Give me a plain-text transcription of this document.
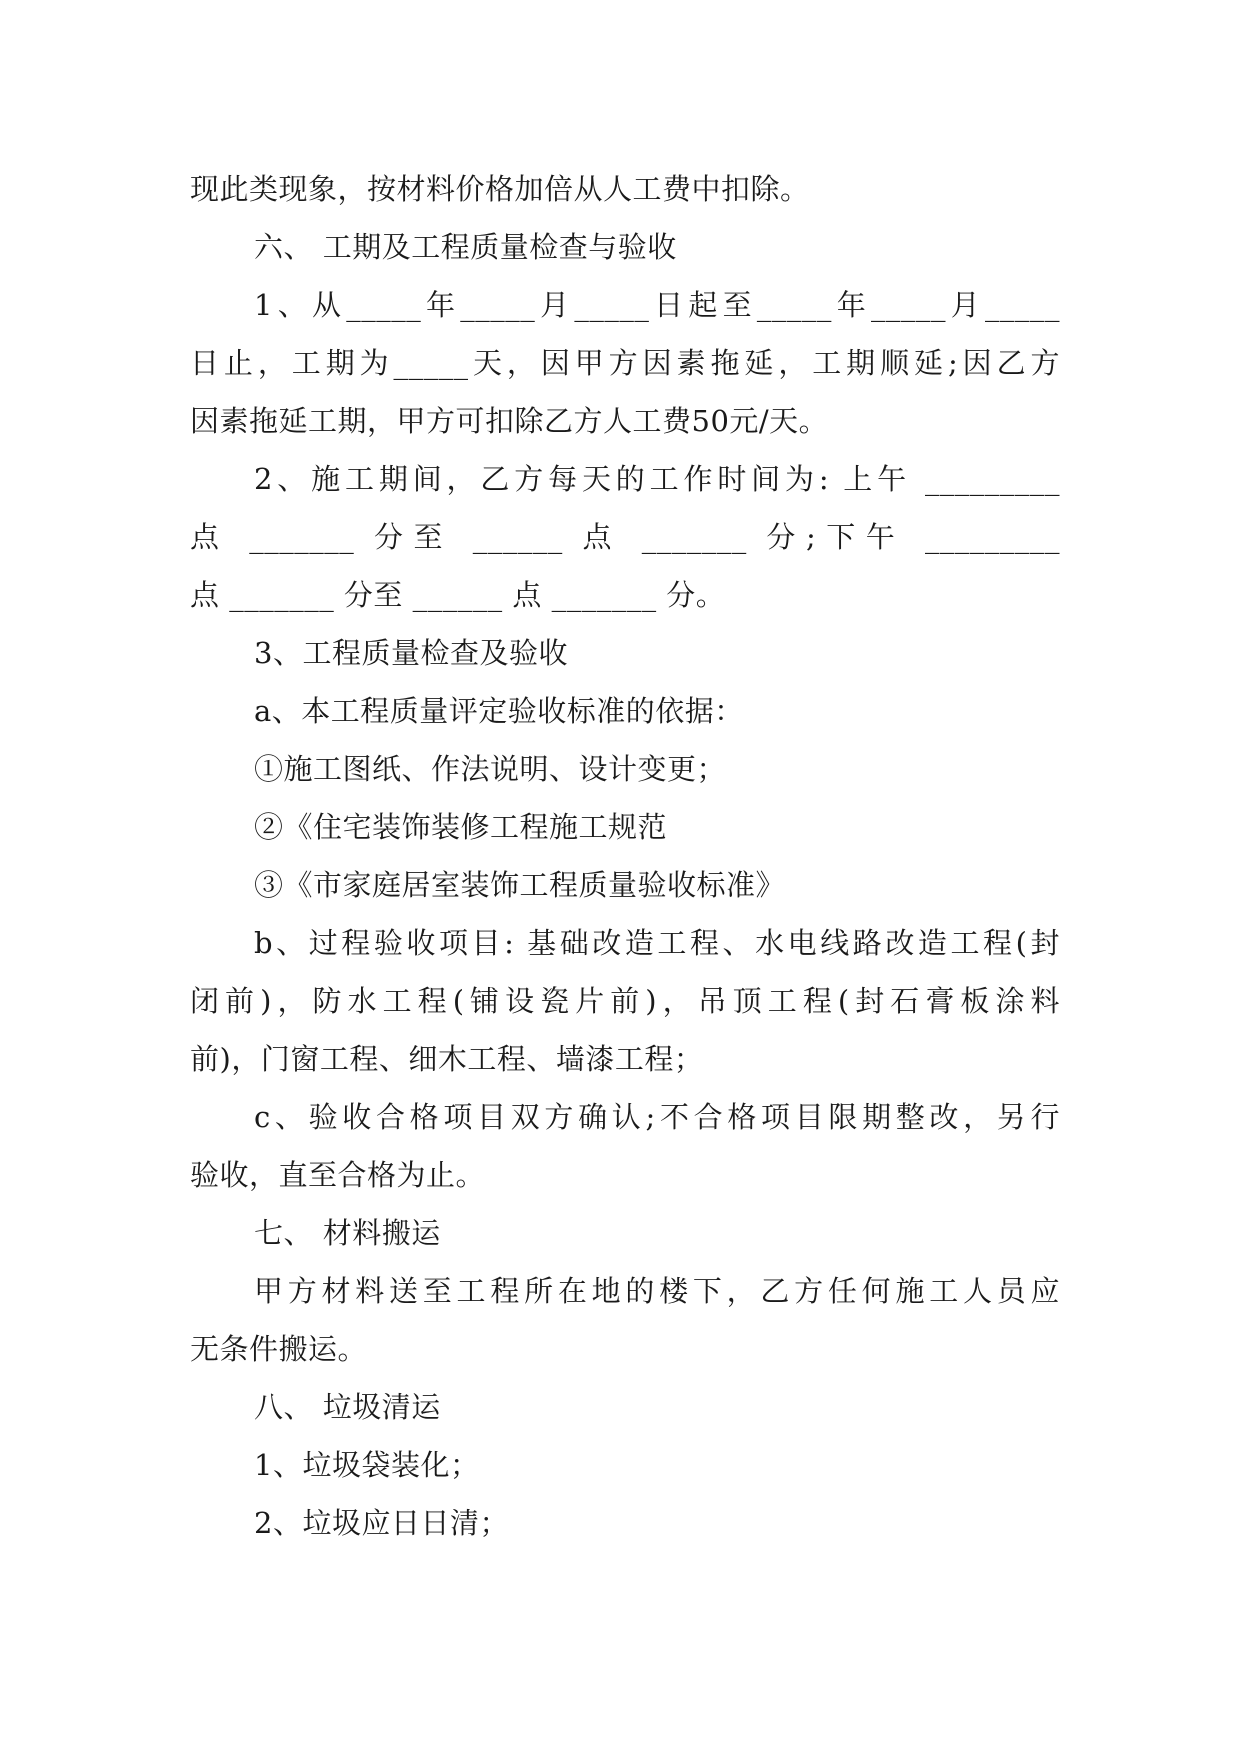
现此类现象，按材料价格加倍从人工费中扣除。
六、 工期及工程质量检查与验收
1、从_____年_____月_____日起至_____年_____月_____
日止，工期为_____天，因甲方因素拖延，工期顺延;因乙方
因素拖延工期，甲方可扣除乙方人工费50元/天。
2、施工期间，乙方每天的工作时间为: 上午 _________
点 _______ 分至 ______ 点 _______ 分;下午 _________
点 _______ 分至 ______ 点 _______ 分。
3、工程质量检查及验收
a、本工程质量评定验收标准的依据：
①施工图纸、作法说明、设计变更；
②《住宅装饰装修工程施工规范
③《市家庭居室装饰工程质量验收标准》
b、过程验收项目: 基础改造工程、水电线路改造工程(封
闭前)，防水工程(铺设瓷片前)，吊顶工程(封石膏板涂料
前)，门窗工程、细木工程、墙漆工程；
c、验收合格项目双方确认;不合格项目限期整改，另行
验收，直至合格为止。
七、 材料搬运
甲方材料送至工程所在地的楼下，乙方任何施工人员应
无条件搬运。
八、 垃圾清运
1、垃圾袋装化；
2、垃圾应日日清；
